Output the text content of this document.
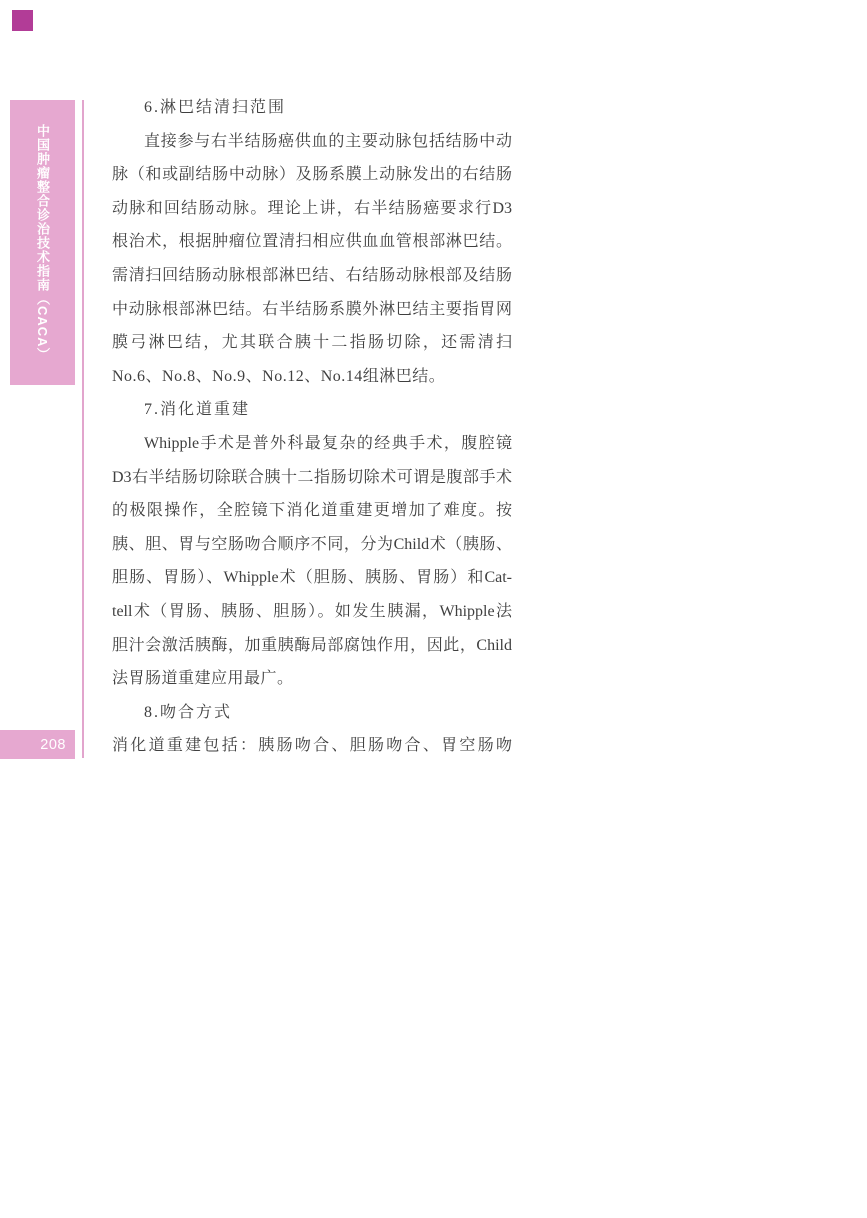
中国肿瘤整合诊治技术指南（CACA）
208
6.淋巴结清扫范围
直接参与右半结肠癌供血的主要动脉包括结肠中动
脉（和或副结肠中动脉）及肠系膜上动脉发出的右结肠
动脉和回结肠动脉。理论上讲，右半结肠癌要求行D3
根治术，根据肿瘤位置清扫相应供血血管根部淋巴结。
需清扫回结肠动脉根部淋巴结、右结肠动脉根部及结肠
中动脉根部淋巴结。右半结肠系膜外淋巴结主要指胃网
膜弓淋巴结，尤其联合胰十二指肠切除，还需清扫
No.6、No.8、No.9、No.12、No.14组淋巴结。
7.消化道重建
Whipple手术是普外科最复杂的经典手术，腹腔镜
D3右半结肠切除联合胰十二指肠切除术可谓是腹部手术
的极限操作，全腔镜下消化道重建更增加了难度。按
胰、胆、胃与空肠吻合顺序不同，分为Child术（胰肠、
胆肠、胃肠）、Whipple术（胆肠、胰肠、胃肠）和Cat-
tell术（胃肠、胰肠、胆肠）。如发生胰漏，Whipple法
胆汁会激活胰酶，加重胰酶局部腐蚀作用，因此，Child
法胃肠道重建应用最广。
8.吻合方式
消化道重建包括：胰肠吻合、胆肠吻合、胃空肠吻
